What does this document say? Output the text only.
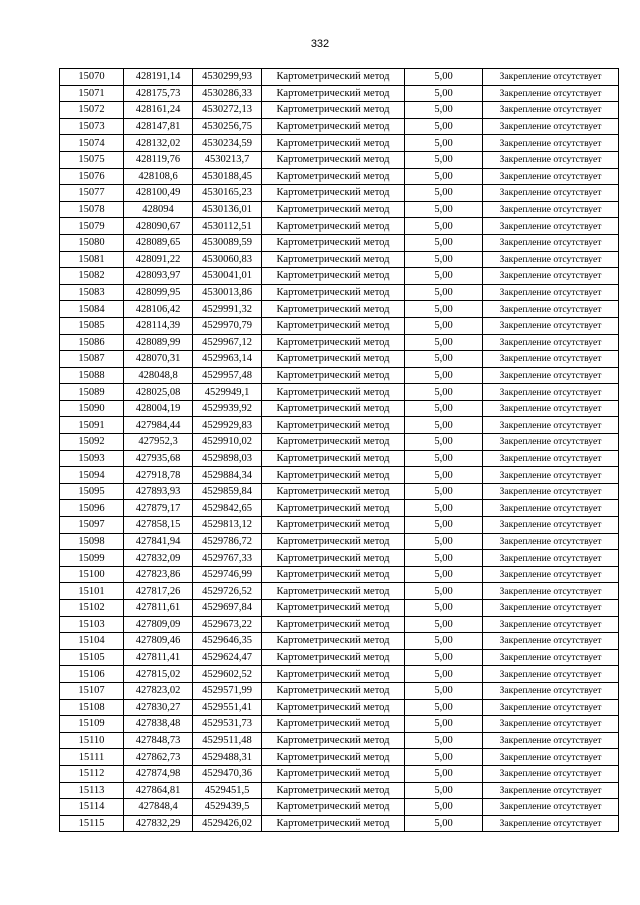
332
15070	428191,14	4530299,93	Картометрический метод	5,00	Закрепление отсутствует
15071	428175,73	4530286,33	Картометрический метод	5,00	Закрепление отсутствует
15072	428161,24	4530272,13	Картометрический метод	5,00	Закрепление отсутствует
15073	428147,81	4530256,75	Картометрический метод	5,00	Закрепление отсутствует
15074	428132,02	4530234,59	Картометрический метод	5,00	Закрепление отсутствует
15075	428119,76	4530213,7	Картометрический метод	5,00	Закрепление отсутствует
15076	428108,6	4530188,45	Картометрический метод	5,00	Закрепление отсутствует
15077	428100,49	4530165,23	Картометрический метод	5,00	Закрепление отсутствует
15078	428094	4530136,01	Картометрический метод	5,00	Закрепление отсутствует
15079	428090,67	4530112,51	Картометрический метод	5,00	Закрепление отсутствует
15080	428089,65	4530089,59	Картометрический метод	5,00	Закрепление отсутствует
15081	428091,22	4530060,83	Картометрический метод	5,00	Закрепление отсутствует
15082	428093,97	4530041,01	Картометрический метод	5,00	Закрепление отсутствует
15083	428099,95	4530013,86	Картометрический метод	5,00	Закрепление отсутствует
15084	428106,42	4529991,32	Картометрический метод	5,00	Закрепление отсутствует
15085	428114,39	4529970,79	Картометрический метод	5,00	Закрепление отсутствует
15086	428089,99	4529967,12	Картометрический метод	5,00	Закрепление отсутствует
15087	428070,31	4529963,14	Картометрический метод	5,00	Закрепление отсутствует
15088	428048,8	4529957,48	Картометрический метод	5,00	Закрепление отсутствует
15089	428025,08	4529949,1	Картометрический метод	5,00	Закрепление отсутствует
15090	428004,19	4529939,92	Картометрический метод	5,00	Закрепление отсутствует
15091	427984,44	4529929,83	Картометрический метод	5,00	Закрепление отсутствует
15092	427952,3	4529910,02	Картометрический метод	5,00	Закрепление отсутствует
15093	427935,68	4529898,03	Картометрический метод	5,00	Закрепление отсутствует
15094	427918,78	4529884,34	Картометрический метод	5,00	Закрепление отсутствует
15095	427893,93	4529859,84	Картометрический метод	5,00	Закрепление отсутствует
15096	427879,17	4529842,65	Картометрический метод	5,00	Закрепление отсутствует
15097	427858,15	4529813,12	Картометрический метод	5,00	Закрепление отсутствует
15098	427841,94	4529786,72	Картометрический метод	5,00	Закрепление отсутствует
15099	427832,09	4529767,33	Картометрический метод	5,00	Закрепление отсутствует
15100	427823,86	4529746,99	Картометрический метод	5,00	Закрепление отсутствует
15101	427817,26	4529726,52	Картометрический метод	5,00	Закрепление отсутствует
15102	427811,61	4529697,84	Картометрический метод	5,00	Закрепление отсутствует
15103	427809,09	4529673,22	Картометрический метод	5,00	Закрепление отсутствует
15104	427809,46	4529646,35	Картометрический метод	5,00	Закрепление отсутствует
15105	427811,41	4529624,47	Картометрический метод	5,00	Закрепление отсутствует
15106	427815,02	4529602,52	Картометрический метод	5,00	Закрепление отсутствует
15107	427823,02	4529571,99	Картометрический метод	5,00	Закрепление отсутствует
15108	427830,27	4529551,41	Картометрический метод	5,00	Закрепление отсутствует
15109	427838,48	4529531,73	Картометрический метод	5,00	Закрепление отсутствует
15110	427848,73	4529511,48	Картометрический метод	5,00	Закрепление отсутствует
15111	427862,73	4529488,31	Картометрический метод	5,00	Закрепление отсутствует
15112	427874,98	4529470,36	Картометрический метод	5,00	Закрепление отсутствует
15113	427864,81	4529451,5	Картометрический метод	5,00	Закрепление отсутствует
15114	427848,4	4529439,5	Картометрический метод	5,00	Закрепление отсутствует
15115	427832,29	4529426,02	Картометрический метод	5,00	Закрепление отсутствует
